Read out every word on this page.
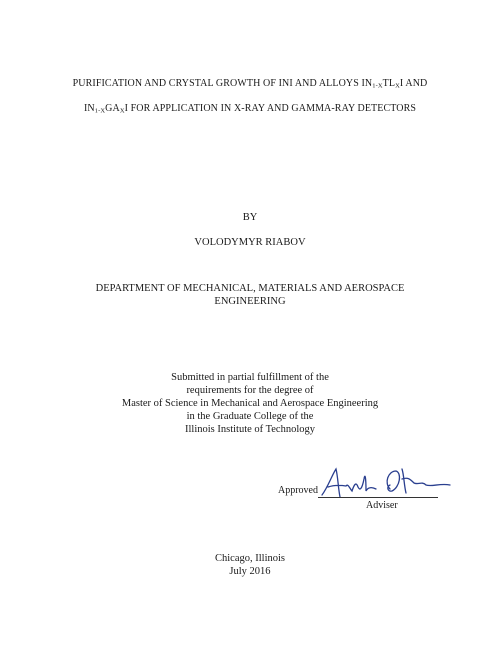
PURIFICATION AND CRYSTAL GROWTH OF INI AND ALLOYS $IN_{1-X}TL_XI$ AND
$IN_{1-X}GA_XI$ FOR APPLICATION IN X-RAY AND GAMMA-RAY DETECTORS
BY
VOLODYMYR RIABOV
DEPARTMENT OF MECHANICAL, MATERIALS AND AEROSPACE
ENGINEERING
Submitted in partial fulfillment of the
requirements for the degree of
Master of Science in Mechanical and Aerospace Engineering
in the Graduate College of the
Illinois Institute of Technology
Approved
Adviser
Chicago, Illinois
July 2016
